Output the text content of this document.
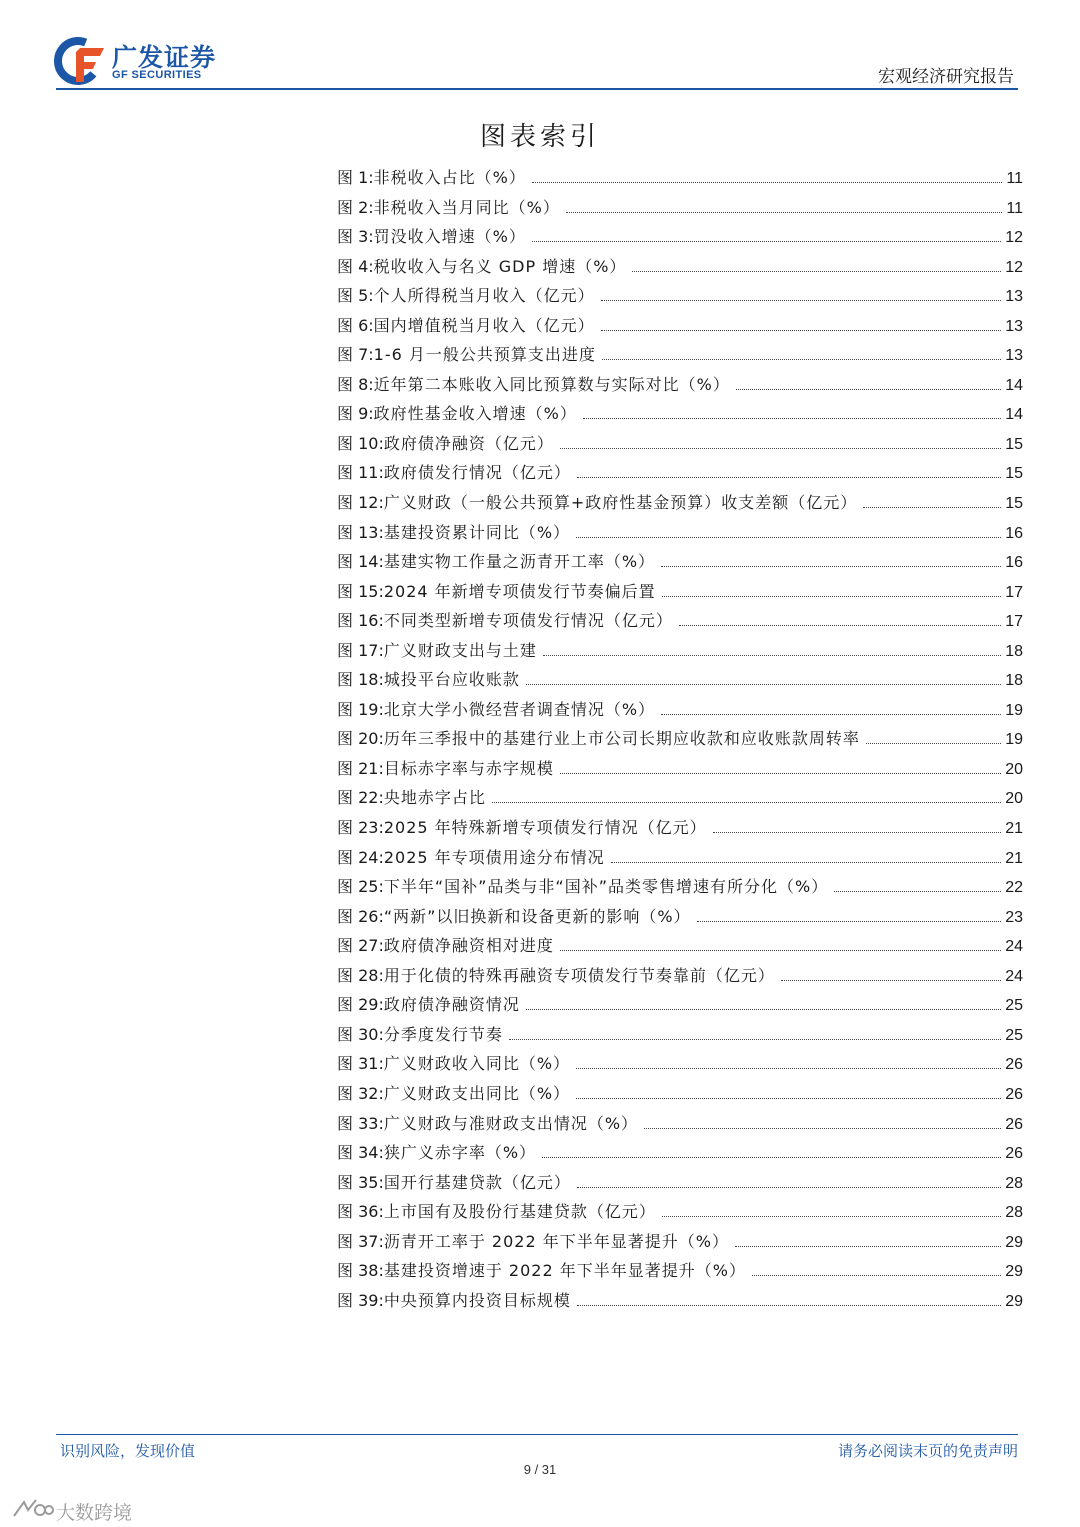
广发证券
GF SECURITIES	宏观经济研究报告
图表索引
图 1: 非税收入占比（%）	11
图 2: 非税收入当月同比（%）	11
图 3: 罚没收入增速（%）	12
图 4: 税收收入与名义 GDP 增速（%）	12
图 5: 个人所得税当月收入（亿元）	13
图 6: 国内增值税当月收入（亿元）	13
图 7: 1-6 月一般公共预算支出进度	13
图 8: 近年第二本账收入同比预算数与实际对比（%）	14
图 9: 政府性基金收入增速（%）	14
图 10: 政府债净融资（亿元）	15
图 11: 政府债发行情况（亿元）	15
图 12: 广义财政（一般公共预算+政府性基金预算）收支差额（亿元）	15
图 13: 基建投资累计同比（%）	16
图 14: 基建实物工作量之沥青开工率（%）	16
图 15: 2024 年新增专项债发行节奏偏后置	17
图 16: 不同类型新增专项债发行情况（亿元）	17
图 17: 广义财政支出与土建	18
图 18: 城投平台应收账款	18
图 19: 北京大学小微经营者调查情况（%）	19
图 20: 历年三季报中的基建行业上市公司长期应收款和应收账款周转率	19
图 21: 目标赤字率与赤字规模	20
图 22: 央地赤字占比	20
图 23: 2025 年特殊新增专项债发行情况（亿元）	21
图 24: 2025 年专项债用途分布情况	21
图 25: 下半年“国补”品类与非“国补”品类零售增速有所分化（%）	22
图 26: “两新”以旧换新和设备更新的影响（%）	23
图 27: 政府债净融资相对进度	24
图 28: 用于化债的特殊再融资专项债发行节奏靠前（亿元）	24
图 29: 政府债净融资情况	25
图 30: 分季度发行节奏	25
图 31: 广义财政收入同比（%）	26
图 32: 广义财政支出同比（%）	26
图 33: 广义财政与准财政支出情况（%）	26
图 34: 狭广义赤字率（%）	26
图 35: 国开行基建贷款（亿元）	28
图 36: 上市国有及股份行基建贷款（亿元）	28
图 37: 沥青开工率于 2022 年下半年显著提升（%）	29
图 38: 基建投资增速于 2022 年下半年显著提升（%）	29
图 39: 中央预算内投资目标规模	29
识别风险，发现价值	请务必阅读末页的免责声明
9 / 31
大数跨境
